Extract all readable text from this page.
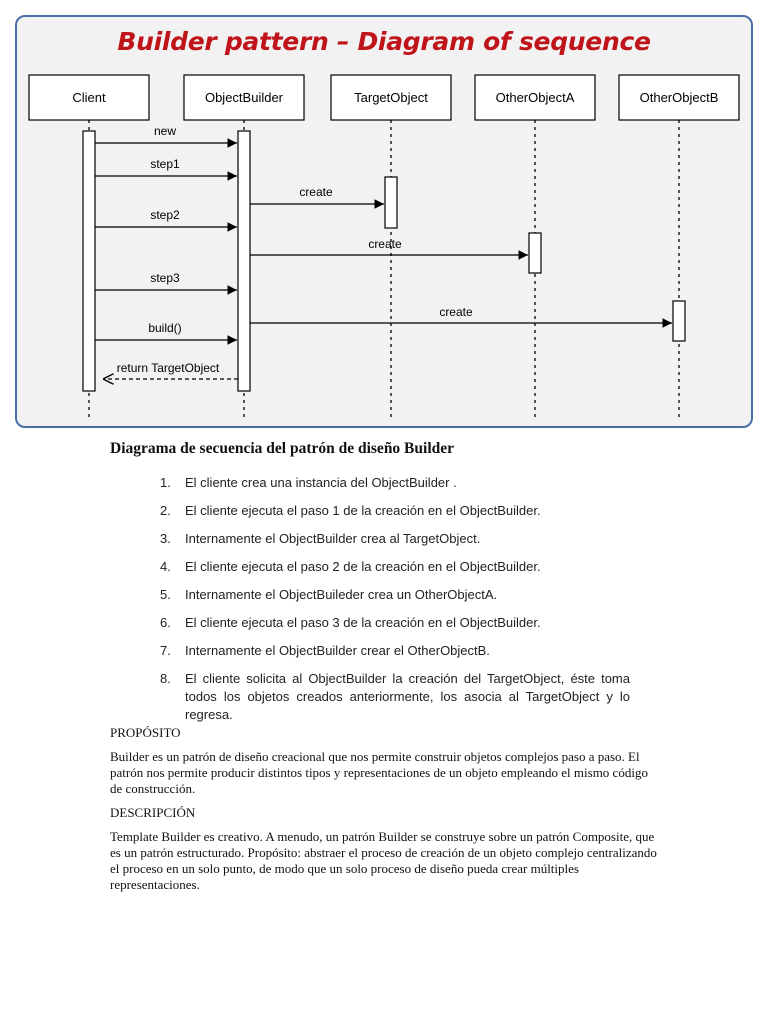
Client	ObjectBuilder	TargetObject	OtherObjectA	OtherObjectB
new
step1
create
step2
create
step3
create
build()
return TargetObject
Builder pattern – Diagram of sequence
Diagrama de secuencia del patrón de diseño Builder
1. El cliente crea una instancia del ObjectBuilder .
2. El cliente ejecuta el paso 1 de la creación en el ObjectBuilder.
3. Internamente el ObjectBuilder crea al TargetObject.
4. El cliente ejecuta el paso 2 de la creación en el ObjectBuilder.
5. Internamente el ObjectBuileder crea un OtherObjectA.
6. El cliente ejecuta el paso 3 de la creación en el ObjectBuilder.
7. Internamente el ObjectBuilder crear el OtherObjectB.
8. El cliente solicita al ObjectBuilder la creación del TargetObject, éste toma todos los objetos creados anteriormente, los asocia al TargetObject y lo regresa.
PROPÓSITO

Builder es un patrón de diseño creacional que nos permite construir objetos complejos paso a paso. El patrón nos permite producir distintos tipos y representaciones de un objeto empleando el mismo código de construcción.

DESCRIPCIÓN

Template Builder es creativo. A menudo, un patrón Builder se construye sobre un patrón Composite, que es un patrón estructurado. Propósito: abstraer el proceso de creación de un objeto complejo centralizando el proceso en un solo punto, de modo que un solo proceso de diseño pueda crear múltiples representaciones.
